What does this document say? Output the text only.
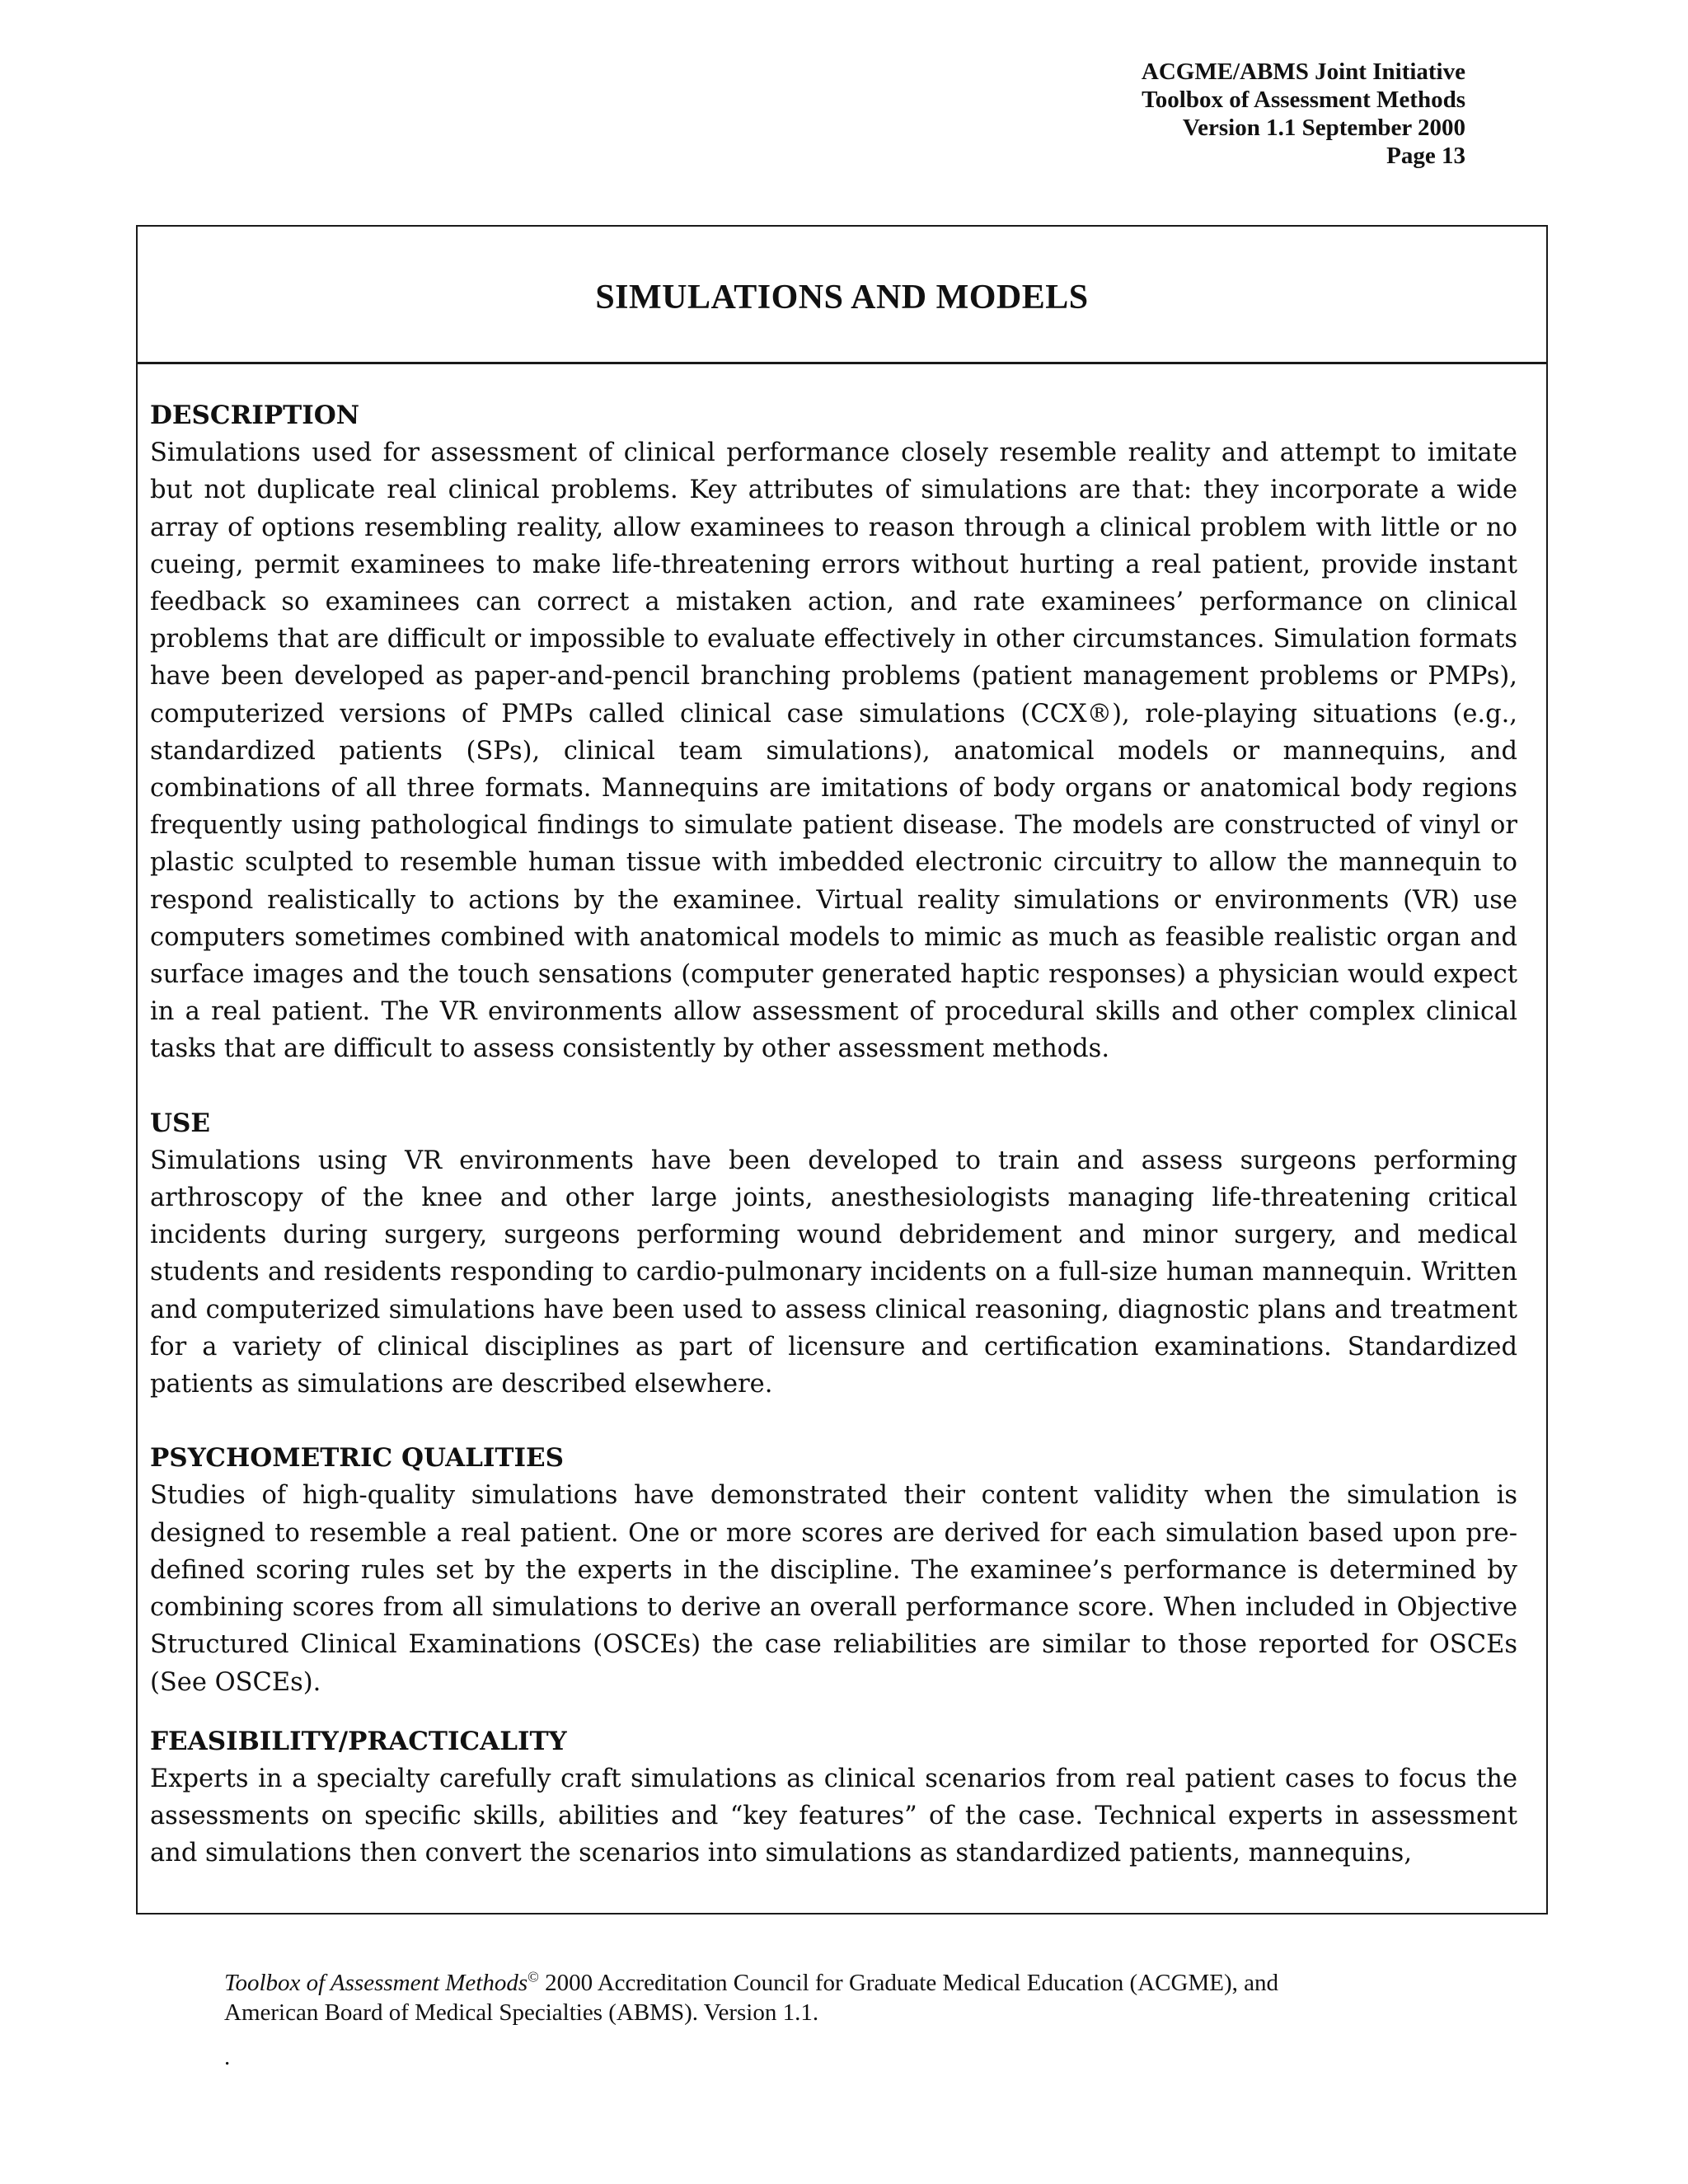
ACGME/ABMS Joint Initiative
Toolbox of Assessment Methods
Version 1.1 September 2000
Page 13
SIMULATIONS AND MODELS
DESCRIPTION
Simulations used for assessment of clinical performance closely resemble reality and attempt to imitate but not duplicate real clinical problems. Key attributes of simulations are that: they incorporate a wide array of options resembling reality, allow examinees to reason through a clinical problem with little or no cueing, permit examinees to make life-threatening errors without hurting a real patient, provide instant feedback so examinees can correct a mistaken action, and rate examinees’ performance on clinical problems that are difficult or impossible to evaluate effectively in other circumstances. Simulation formats have been developed as paper-and-pencil branching problems (patient management problems or PMPs), computerized versions of PMPs called clinical case simulations (CCX®), role-playing situations (e.g., standardized patients (SPs), clinical team simulations), anatomical models or mannequins, and combinations of all three formats. Mannequins are imitations of body organs or anatomical body regions frequently using pathological findings to simulate patient disease. The models are constructed of vinyl or plastic sculpted to resemble human tissue with imbedded electronic circuitry to allow the mannequin to respond realistically to actions by the examinee. Virtual reality simulations or environments (VR) use computers sometimes combined with anatomical models to mimic as much as feasible realistic organ and surface images and the touch sensations (computer generated haptic responses) a physician would expect in a real patient. The VR environments allow assessment of procedural skills and other complex clinical tasks that are difficult to assess consistently by other assessment methods.
USE
Simulations using VR environments have been developed to train and assess surgeons performing arthroscopy of the knee and other large joints, anesthesiologists managing life-threatening critical incidents during surgery, surgeons performing wound debridement and minor surgery, and medical students and residents responding to cardio-pulmonary incidents on a full-size human mannequin. Written and computerized simulations have been used to assess clinical reasoning, diagnostic plans and treatment for a variety of clinical disciplines as part of licensure and certification examinations. Standardized patients as simulations are described elsewhere.
PSYCHOMETRIC QUALITIES
Studies of high-quality simulations have demonstrated their content validity when the simulation is designed to resemble a real patient. One or more scores are derived for each simulation based upon pre-defined scoring rules set by the experts in the discipline. The examinee’s performance is determined by combining scores from all simulations to derive an overall performance score. When included in Objective Structured Clinical Examinations (OSCEs) the case reliabilities are similar to those reported for OSCEs (See OSCEs).
FEASIBILITY/PRACTICALITY
Experts in a specialty carefully craft simulations as clinical scenarios from real patient cases to focus the assessments on specific skills, abilities and “key features” of the case. Technical experts in assessment and simulations then convert the scenarios into simulations as standardized patients, mannequins,
Toolbox of Assessment Methods© 2000 Accreditation Council for Graduate Medical Education (ACGME), and
American Board of Medical Specialties (ABMS). Version 1.1.
.
